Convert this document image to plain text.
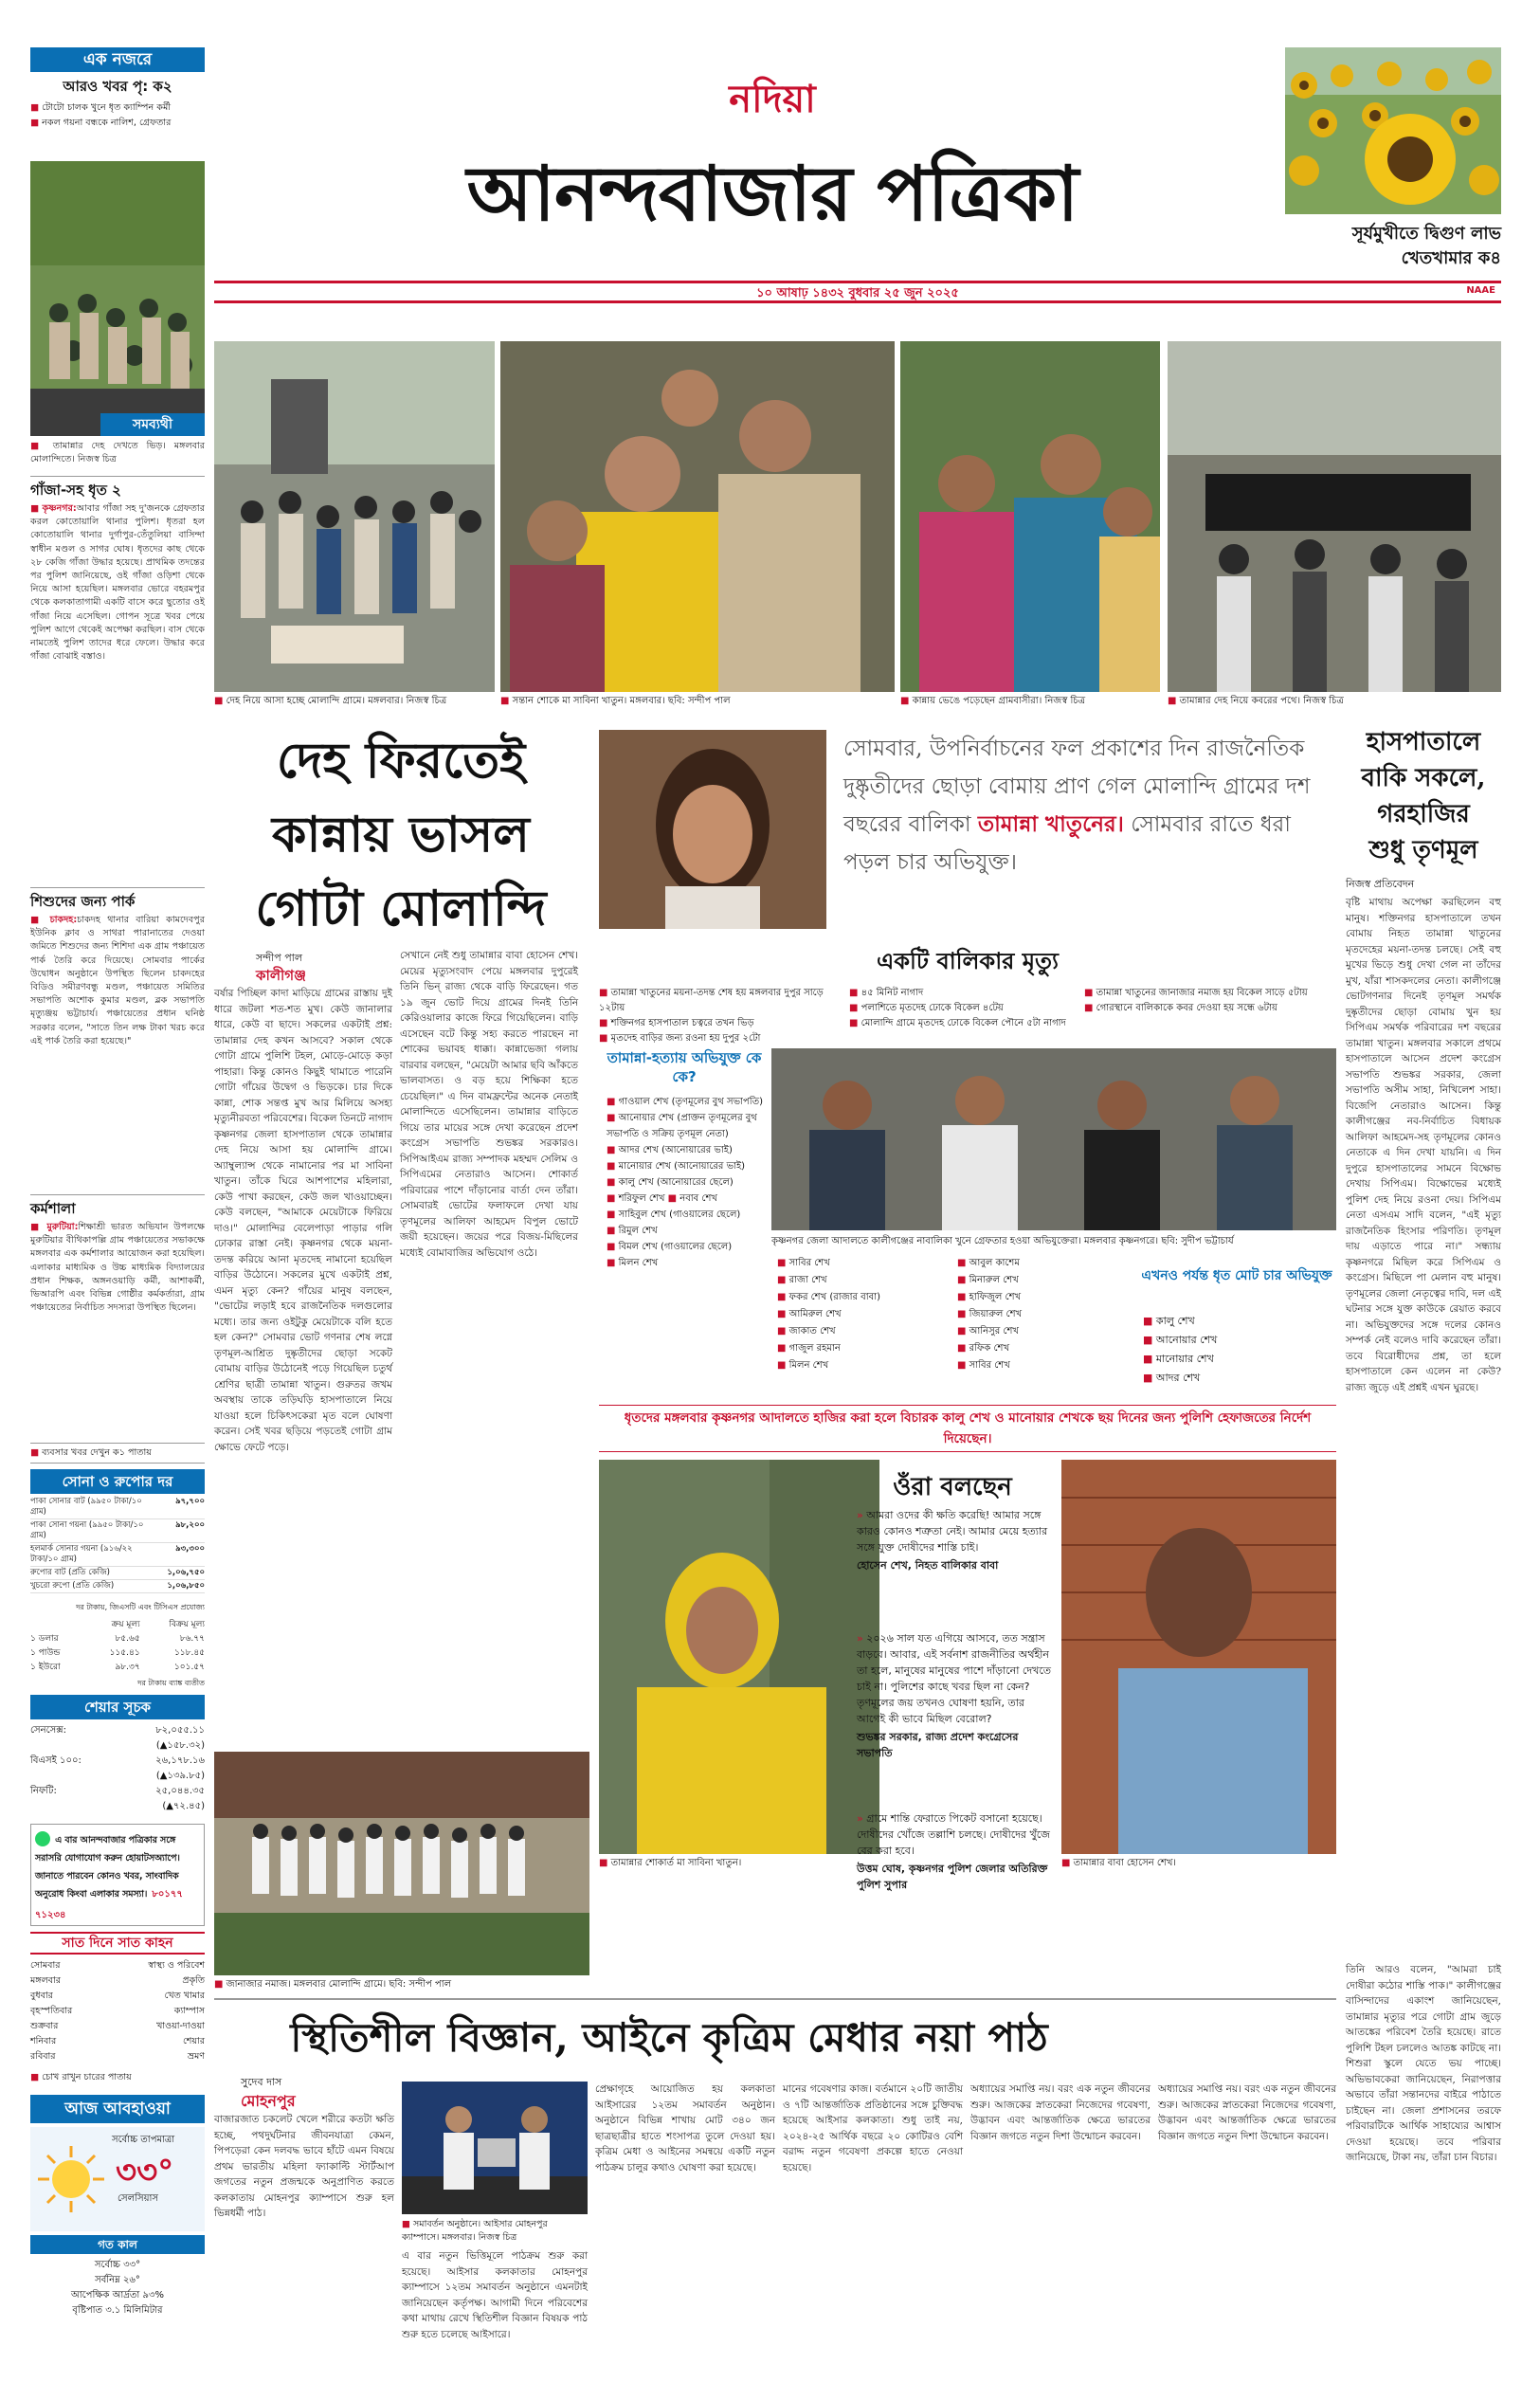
নদিয়া
আনন্দবাজার পত্রিকা
১০ আষাঢ় ১৪৩২ বুধবার ২৫ জুন ২০২৫	NAAE
সূর্যমুখীতে দ্বিগুণ লাভ
খেতখামার ক৪
এক নজরে
আরও খবর পৃ: ক২
■ টোটো চালক খুনে ধৃত ক্যাম্পিন কর্মী
■ নকল গয়না বন্ধকে নালিশ, গ্রেফতার
সমব্যথী
■ তামান্নার দেহ দেখতে ভিড়। মঙ্গলবার মোলান্দিতে। নিজস্ব চিত্র
গাঁজা-সহ ধৃত ২
■ কৃষ্ণনগর:আবার গাঁজা সহ দু'জনকে গ্রেফতার করল কোতোয়ালি থানার পুলিশ। ধৃতরা হল কোতোয়ালি থানার দুর্গাপুর-তেঁতুলিয়া বাসিন্দা স্বাধীন মণ্ডল ও সাগর ঘোষ। ধৃতদের কাছ থেকে ২৮ কেজি গাঁজা উদ্ধার হয়েছে। প্রাথমিক তদন্তের পর পুলিশ জানিয়েছে, ওই গাঁজা ওড়িশা থেকে নিয়ে আসা হয়েছিল। মঙ্গলবার ভোরে বহরমপুর থেকে কলকাতাগামী একটি বাসে করে ছুতোর ওই গাঁজা নিয়ে এসেছিল। গোপন সূত্রে খবর পেয়ে পুলিশ আগে থেকেই অপেক্ষা করছিল। বাস থেকে নামতেই পুলিশ তাদের ধরে ফেলে। উদ্ধার করে গাঁজা বোঝাই বস্তাও।
শিশুদের জন্য পার্ক
■ চাকদহ:চাকদহ থানার বারিয়া কামদেবপুর ইউনিক ক্লাব ও সাথরা পারানাতের দেওয়া জমিতে শিশুদের জন্য শিশিদা এক গ্রাম পঞ্চায়েত পার্ক তৈরি করে দিয়েছে। সোমবার পার্কের উদ্বোধন অনুষ্ঠানে উপস্থিত ছিলেন চাকদহের বিডিও সমীরণবন্ধু মণ্ডল, পঞ্চায়েত সমিতির সভাপতি অশোক কুমার মণ্ডল, ব্লক সভাপতি মৃত্যুঞ্জয় ভট্টাচার্য। পঞ্চায়েতের প্রধান ঘনিষ্ঠ সরকার বলেন, "সাতে তিন লক্ষ টাকা খরচ করে এই পার্ক তৈরি করা হয়েছে।"
কর্মশালা
■ মুরুটিয়া:শিক্ষাশ্রী ভারত অভিযান উপলক্ষে মুরুটিয়ার বীথিকাপল্লি গ্রাম পঞ্চায়েতের সভাকক্ষে মঙ্গলবার এক কর্মশালার আয়োজন করা হয়েছিল। এলাকার মাধ্যমিক ও উচ্চ মাধ্যমিক বিদ্যালয়ের প্রধান শিক্ষক, অঙ্গনওয়াড়ি কর্মী, আশাকর্মী, ভিআরপি এবং বিভিন্ন গোষ্ঠীর কর্মকর্তারা, গ্রাম পঞ্চায়েতের নির্বাচিত সদস্যরা উপস্থিত ছিলেন।
■ ব্যবসার খবর দেখুন ক১ পাতায়
সোনা ও রুপোর দর
পাকা সোনার বাট (৯৯৫০ টাকা/১০ গ্রাম)
৯৭,৭০০
পাকা সোনা গয়না (৯৯৫০ টাকা/১০ গ্রাম)
৯৮,২০০
হলমার্ক সোনার গয়না (৯১৬/২২ টাকা/১০ গ্রাম)
৯৩,৩০০
রুপোর বাট (প্রতি কেজি)	১,০৬,৭৫০
খুচরো রুপো (প্রতি কেজি)	১,০৬,৮৫০
দর টাকায়, জিএসটি এবং টিসিএস প্রযোজ্য
	ক্রয় মূল্য	বিক্রয় মূল্য
১ ডলার	৮৫.৬৫	৮৬.৭৭
১ পাউন্ড	১১৫.৪১	১১৮.৪৫
১ ইউরো	৯৮.৩৭	১০১.৫৭
দর টাকায় ব্যাঙ্ক ব্যতীত
শেয়ার সূচক
সেনসেক্স:	৮২,০৫৫.১১
	(▲১৫৮.৩২)
বিএসই ১০০:	২৬,১৭৮.১৬
	(▲১৩৯.৮৫)
নিফটি:	২৫,০৪৪.৩৫
	(▲৭২.৪৫)
এ বার আনন্দবাজার পত্রিকার সঙ্গে সরাসরি যোগাযোগ করুন হোয়াটসঅ্যাপে। জানাতে পারবেন কোনও খবর, সাংবাদিক অনুরোধ কিংবা এলাকার সমস্যা। ৮০১৭৭ ৭১২৩৪
সাত দিনে সাত কাহন
সোমবার	স্বাস্থ্য ও পরিবেশ
মঙ্গলবার	প্রকৃতি
বুধবার	খেত খামার
বৃহস্পতিবার	ক্যাম্পাস
শুক্রবার	খাওয়া-দাওয়া
শনিবার	শেয়ার
রবিবার	ভ্রমণ
■ চোখ রাখুন চারের পাতায়
আজ আবহাওয়া
সর্বোচ্চ তাপমাত্রা
৩৩°
সেলসিয়াস
গত কাল
সর্বোচ্চ ৩৩°
সর্বনিম্ন ২৬°
আপেক্ষিক আর্দ্রতা ৯৩%
বৃষ্টিপাত ৩.১ মিলিমিটার
■ দেহ নিয়ে আসা হচ্ছে মোলান্দি গ্রামে। মঙ্গলবার। নিজস্ব চিত্র	■ সন্তান শোকে মা সাবিনা খাতুন। মঙ্গলবার। ছবি: সন্দীপ পাল	■ কান্নায় ভেঙে পড়েছেন গ্রামবাসীরা। নিজস্ব চিত্র	■ তামান্নার দেহ নিয়ে কবরের পথে। নিজস্ব চিত্র
দেহ ফিরতেই
কান্নায় ভাসল
গোটা মোলান্দি
সন্দীপ পাল
কালীগঞ্জ
বর্ষার পিচ্ছিল কাদা মাড়িয়ে গ্রামের রাস্তায় দুই ধারে জটলা শত-শত মুখ। কেউ জানালার ধারে, কেউ বা ছাদে। সকলের একটাই প্রশ্ন: তামান্নার দেহ কখন আসবে? সকাল থেকে গোটা গ্রামে পুলিশি টহল, মোড়ে-মোড়ে কড়া পাহারা। কিন্তু কোনও কিছুই থামাতে পারেনি গোটা গাঁয়ের উদ্বেগ ও ভিড়কে। চার দিকে কান্না, শোক সন্তপ্ত মুখ আর মিলিয়ে অসহ্য মৃত্যুনীরবতা পরিবেশের। বিকেল তিনটে নাগাদ কৃষ্ণনগর জেলা হাসপাতাল থেকে তামান্নার দেহ নিয়ে আসা হয় মোলান্দি গ্রামে। অ্যাম্বুল্যান্স থেকে নামানোর পর মা সাবিনা খাতুন। তাঁকে ঘিরে আশপাশের মহিলারা, কেউ পাখা করছেন, কেউ জল খাওয়াচ্ছেন। কেউ বলছেন, "আমাকে মেয়েটাকে ফিরিয়ে দাও।" মোলান্দির বেলেপাড়া পাড়ার গলি ঢোকার রাস্তা নেই। কৃষ্ণনগর থেকে ময়না-তদন্ত করিয়ে আনা মৃতদেহ নামানো হয়েছিল বাড়ির উঠোনে। সকলের মুখে একটাই প্রশ্ন, এমন মৃত্যু কেন? গাঁয়ের মানুষ বলছেন, "ভোটের লড়াই হবে রাজনৈতিক দলগুলোর মধ্যে। তার জন্য ওইটুকু মেয়েটাকে বলি হতে হল কেন?" সোমবার ভোট গণনার শেষ লগ্নে তৃণমূল-আশ্রিত দুষ্কৃতীদের ছোড়া সকেট বোমায় বাড়ির উঠোনেই পড়ে গিয়েছিল চতুর্থ শ্রেণির ছাত্রী তামান্না খাতুন। গুরুতর জখম অবস্থায় তাকে তড়িঘড়ি হাসপাতালে নিয়ে যাওয়া হলে চিকিৎসকেরা মৃত বলে ঘোষণা করেন। সেই খবর ছড়িয়ে পড়তেই গোটা গ্রাম ক্ষোভে ফেটে পড়ে।
সেখানে নেই শুধু তামান্নার বাবা হোসেন শেখ। মেয়ের মৃত্যুসংবাদ পেয়ে মঙ্গলবার দুপুরেই তিনি ভিন্‌ রাজ্য থেকে বাড়ি ফিরেছেন। গত ১৯ জুন ভোট দিয়ে গ্রামের দিনই তিনি কেরিওয়ালার কাজে ফিরে গিয়েছিলেন। বাড়ি এসেছেন বটে কিন্তু সহ্য করতে পারছেন না শোকের ভয়াবহ ধাক্কা। কান্নাভেজা গলায় বারবার বলছেন, "মেয়েটা আমার ছবি আঁকতে ভালবাসত। ও বড় হয়ে শিক্ষিকা হতে চেয়েছিল।" এ দিন বামফ্রন্টের অনেক নেতাই মোলান্দিতে এসেছিলেন। তামান্নার বাড়িতে গিয়ে তার মায়ের সঙ্গে দেখা করেছেন প্রদেশ কংগ্রেস সভাপতি শুভঙ্কর সরকারও। সিপিআইএম রাজ্য সম্পাদক মহম্মদ সেলিম ও সিপিএমের নেতারাও আসেন। শোকার্ত পরিবারের পাশে দাঁড়ানোর বার্তা দেন তাঁরা। সোমবারই ভোটের ফলাফলে দেখা যায় তৃণমূলের আলিফা আহমেদ বিপুল ভোটে জয়ী হয়েছেন। জয়ের পরে বিজয়-মিছিলের মধ্যেই বোমাবাজির অভিযোগ ওঠে।
■ জানাজার নমাজ। মঙ্গলবার মোলান্দি গ্রামে। ছবি: সন্দীপ পাল
সোমবার, উপনির্বাচনের ফল প্রকাশের দিন রাজনৈতিক দুষ্কৃতীদের ছোড়া বোমায় প্রাণ গেল মোলান্দি গ্রামের দশ বছরের বালিকা তামান্না খাতুনের। সোমবার রাতে ধরা পড়ল চার অভিযুক্ত।
একটি বালিকার মৃত্যু
■ তামান্না খাতুনের ময়না-তদন্ত শেষ হয় মঙ্গলবার দুপুর সাড়ে ১২টায়
■ শক্তিনগর হাসপাতাল চত্বরে তখন ভিড়
■ মৃতদেহ বাড়ির জন্য রওনা হয় দুপুর ২টো
■ ৪৫ মিনিট নাগাদ
■ পলাশিতে মৃতদেহ ঢোকে বিকেল ৪টেয়
■ মোলান্দি গ্রামে মৃতদেহ ঢোকে বিকেল পৌনে ৫টা নাগাদ
■ তামান্না খাতুনের জানাজার নমাজ হয় বিকেল সাড়ে ৫টায়
■ গোরস্থানে বালিকাকে কবর দেওয়া হয় সন্ধে ৬টায়
তামান্না-হত্যায় অভিযুক্ত কে কে?
■ গাওয়াল শেখ (তৃণমূলের বুথ সভাপতি)
■ আনোয়ার শেখ (প্রাক্তন তৃণমূলের বুথ সভাপতি ও সক্রিয় তৃণমূল নেতা)
■ আদর শেখ (আনোয়ারের ভাই)
■ মানোয়ার শেখ (আনোয়ারের ভাই)
■ কালু শেখ (আনোয়ারের ছেলে)
■ শরিফুল শেখ ■ নবাব শেখ
■ সাহিবুল শেখ (গাওয়ালের ছেলে)
■ রিমুল শেখ
■ বিমল শেখ (গাওয়ালের ছেলে)
■ মিলন শেখ
কৃষ্ণনগর জেলা আদালতে কালীগঞ্জের নাবালিকা খুনে গ্রেফতার হওয়া অভিযুক্তেরা। মঙ্গলবার কৃষ্ণনগরে। ছবি: সুদীপ ভট্টাচার্য
■ সাবির শেখ
■ রাজা শেখ
■ ফকর শেখ (রাজার বাবা)
■ আমিরুল শেখ
■ জাকাত শেখ
■ গাজুল রহমান
■ মিলন শেখ
■ আবুল কাশেম
■ মিনারুল শেখ
■ হাফিজুল শেখ
■ জিয়ারুল শেখ
■ আনিসুর শেখ
■ রফিক শেখ
■ সাবির শেখ
এখনও পর্যন্ত ধৃত মোট চার অভিযুক্ত
■ কালু শেখ
■ আনোয়ার শেখ
■ মানোয়ার শেখ
■ আদর শেখ
ধৃতদের মঙ্গলবার কৃষ্ণনগর আদালতে হাজির করা হলে বিচারক কালু শেখ ও মানোয়ার শেখকে ছয় দিনের জন্য পুলিশি হেফাজতের নির্দেশ দিয়েছেন।
■ তামান্নার শোকার্ত মা সাবিনা খাতুন।
ওঁরা বলছেন
» আমরা ওদের কী ক্ষতি করেছি! আমার সঙ্গে কারও কোনও শত্রুতা নেই। আমার মেয়ে হত্যার সঙ্গে যুক্ত দোষীদের শাস্তি চাই।
হোসেন শেখ, নিহত বালিকার বাবা
» ২০২৬ সাল যত এগিয়ে আসবে, তত সন্ত্রাস বাড়বে। আবার, এই সর্বনাশ রাজনীতির অর্থহীন তা হলে, মানুষের মানুষের পাশে দাঁড়ানো দেখতে চাই না। পুলিশের কাছে খবর ছিল না কেন? তৃণমূলের জয় তখনও ঘোষণা হয়নি, তার আগেই কী ভাবে মিছিল বেরোল?
শুভঙ্কর সরকার, রাজ্য প্রদেশ কংগ্রেসের সভাপতি
» গ্রামে শান্তি ফেরাতে পিকেট বসানো হয়েছে। দোষীদের খোঁজে তল্লাশি চলছে। দোষীদের খুঁজে বের করা হবে।
উত্তম ঘোষ, কৃষ্ণনগর পুলিশ জেলার অতিরিক্ত পুলিশ সুপার
■ তামান্নার বাবা হোসেন শেখ।
হাসপাতালে
বাকি সকলে,
গরহাজির
শুধু তৃণমূল
নিজস্ব প্রতিবেদন
বৃষ্টি মাথায় অপেক্ষা করছিলেন বহু মানুষ। শক্তিনগর হাসপাতালে তখন বোমায় নিহত তামান্না খাতুনের মৃতদেহের ময়না-তদন্ত চলছে। সেই বহু মুখের ভিড়ে শুধু দেখা গেল না তাঁদের মুখ, যাঁরা শাসকদলের নেতা। কালীগঞ্জে ভোটগণনার দিনেই তৃণমূল সমর্থক দুষ্কৃতীদের ছোড়া বোমায় খুন হয় সিপিএম সমর্থক পরিবারের দশ বছরের তামান্না খাতুন। মঙ্গলবার সকালে প্রথমে হাসপাতালে আসেন প্রদেশ কংগ্রেস সভাপতি শুভঙ্কর সরকার, জেলা সভাপতি অসীম সাহা, নিখিলেশ সাহা। বিজেপি নেতারাও আসেন। কিন্তু কালীগঞ্জের নব-নির্বাচিত বিধায়ক আলিফা আহমেদ-সহ তৃণমূলের কোনও নেতাকে এ দিন দেখা যায়নি। এ দিন দুপুরে হাসপাতালের সামনে বিক্ষোভ দেখায় সিপিএম। বিক্ষোভের মধ্যেই পুলিশ দেহ নিয়ে রওনা দেয়। সিপিএম নেতা এসএম সাদি বলেন, "এই মৃত্যু রাজনৈতিক হিংসার পরিণতি। তৃণমূল দায় এড়াতে পারে না।" সন্ধ্যায় কৃষ্ণনগরে মিছিল করে সিপিএম ও কংগ্রেস। মিছিলে পা মেলান বহু মানুষ। তৃণমূলের জেলা নেতৃত্বের দাবি, দল এই ঘটনার সঙ্গে যুক্ত কাউকে রেয়াত করবে না। অভিযুক্তদের সঙ্গে দলের কোনও সম্পর্ক নেই বলেও দাবি করেছেন তাঁরা। তবে বিরোধীদের প্রশ্ন, তা হলে হাসপাতালে কেন এলেন না কেউ? রাজ্য জুড়ে এই প্রশ্নই এখন ঘুরছে।
তিনি আরও বলেন, "আমরা চাই দোষীরা কঠোর শাস্তি পাক।" কালীগঞ্জের বাসিন্দাদের একাংশ জানিয়েছেন, তামান্নার মৃত্যুর পরে গোটা গ্রাম জুড়ে আতঙ্কের পরিবেশ তৈরি হয়েছে। রাতে পুলিশি টহল চললেও আতঙ্ক কাটছে না। শিশুরা স্কুলে যেতে ভয় পাচ্ছে। অভিভাবকেরা জানিয়েছেন, নিরাপত্তার অভাবে তাঁরা সন্তানদের বাইরে পাঠাতে চাইছেন না। জেলা প্রশাসনের তরফে পরিবারটিকে আর্থিক সাহায্যের আশ্বাস দেওয়া হয়েছে। তবে পরিবার জানিয়েছে, টাকা নয়, তাঁরা চান বিচার।
স্থিতিশীল বিজ্ঞান, আইনে কৃত্রিম মেধার নয়া পাঠ
সুদেব দাস
মোহনপুর
বাজারজাত চকলেট খেলে শরীরে কতটা ক্ষতি হচ্ছে, পথদুর্ঘটনার জীবনযাত্রা কেমন, পিপড়েরা কেন দলবদ্ধ ভাবে হাঁটে এমন বিষয়ে প্রথম ভারতীয় মহিলা ফ্যাকাল্টি স্টার্টআপ জগতের নতুন প্রজন্মকে অনুপ্রাণিত করতে কলকাতায় মোহনপুর ক্যাম্পাসে শুরু হল ভিন্নধর্মী পাঠ।
■ সমাবর্তন অনুষ্ঠানে। আইসার মোহনপুর ক্যাম্পাসে। মঙ্গলবার। নিজস্ব চিত্র
এ বার নতুন ভিত্তিমূলে পাঠক্রম শুরু করা হয়েছে। আইসার কলকাতার মোহনপুর ক্যাম্পাসে ১২তম সমাবর্তন অনুষ্ঠানে এমনটাই জানিয়েছেন কর্তৃপক্ষ। আগামী দিনে পরিবেশের কথা মাথায় রেখে স্থিতিশীল বিজ্ঞান বিষয়ক পাঠ শুরু হতে চলেছে আইসারে।
প্রেক্ষাগৃহে আয়োজিত হয় কলকাতা আইসারের ১২তম সমাবর্তন অনুষ্ঠান। অনুষ্ঠানে বিভিন্ন শাখায় মোট ৩৪০ জন ছাত্রছাত্রীর হাতে শংসাপত্র তুলে দেওয়া হয়। কৃত্রিম মেধা ও আইনের সমন্বয়ে একটি নতুন পাঠক্রম চালুর কথাও ঘোষণা করা হয়েছে।
মানের গবেষণার কাজ। বর্তমানে ২০টি জাতীয় ও ৭টি আন্তর্জাতিক প্রতিষ্ঠানের সঙ্গে চুক্তিবদ্ধ হয়েছে আইসার কলকাতা। শুধু তাই নয়, ২০২৪-২৫ আর্থিক বছরে ২০ কোটিরও বেশি বরাদ্দ নতুন গবেষণা প্রকল্পে হাতে নেওয়া হয়েছে।
অধ্যায়ের সমাপ্তি নয়। বরং এক নতুন জীবনের শুরু। আজকের স্নাতকেরা নিজেদের গবেষণা, উদ্ভাবন এবং আন্তর্জাতিক ক্ষেত্রে ভারতের বিজ্ঞান জগতে নতুন দিশা উন্মোচন করবেন।
অধ্যায়ের সমাপ্তি নয়। বরং এক নতুন জীবনের শুরু। আজকের স্নাতকেরা নিজেদের গবেষণা, উদ্ভাবন এবং আন্তর্জাতিক ক্ষেত্রে ভারতের বিজ্ঞান জগতে নতুন দিশা উন্মোচন করবেন।
